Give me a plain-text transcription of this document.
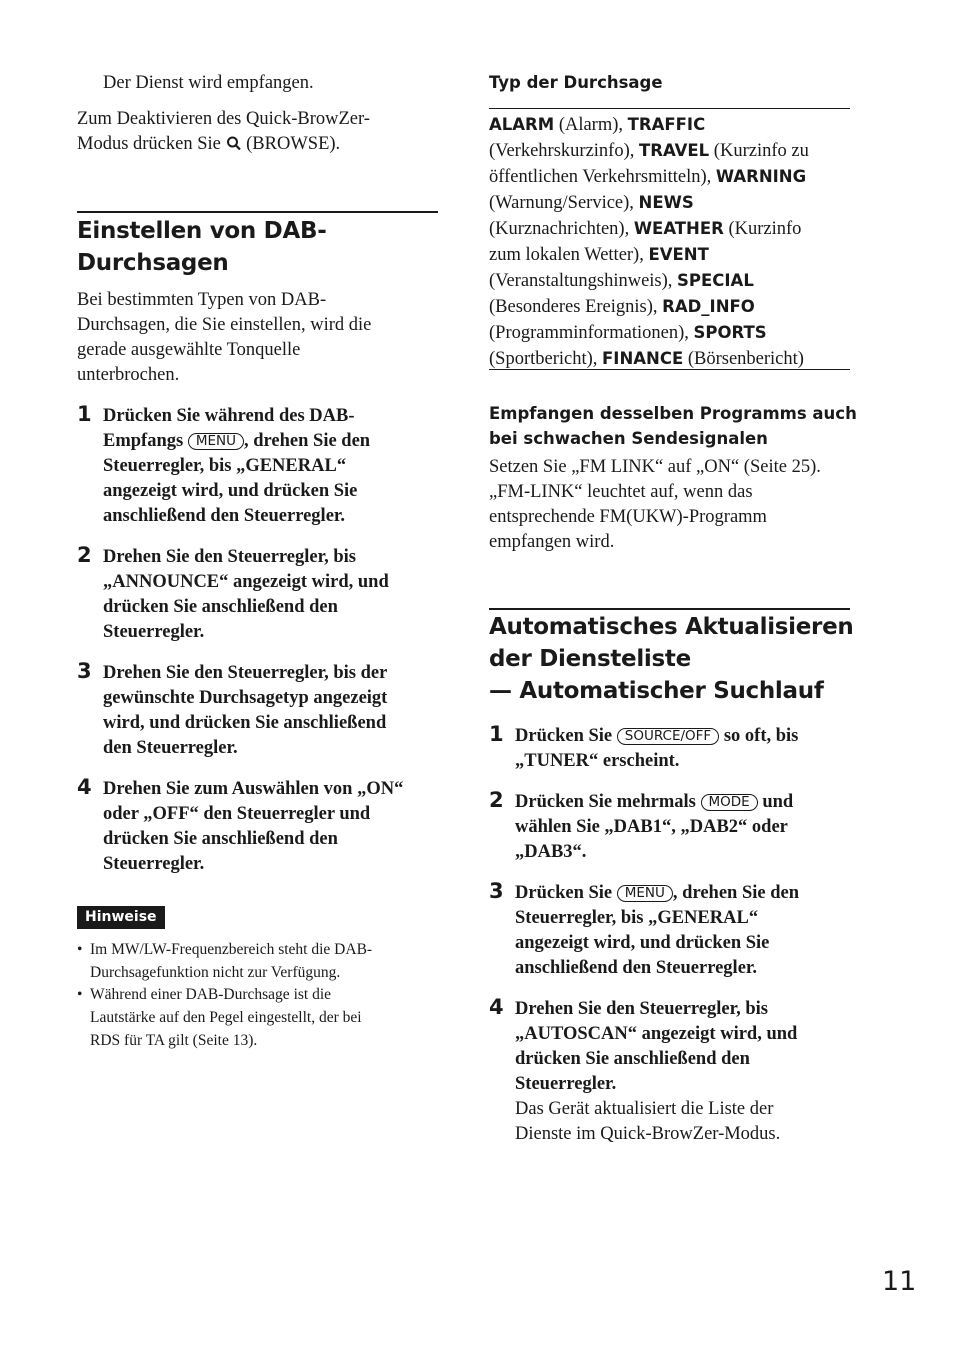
Der Dienst wird empfangen.
Zum Deaktivieren des Quick-BrowZer-
Modus drücken Sie (BROWSE).
Einstellen von DAB-
Durchsagen
Bei bestimmten Typen von DAB-
Durchsagen, die Sie einstellen, wird die
gerade ausgewählte Tonquelle
unterbrochen.
1 Drücken Sie während des DAB-
Empfangs MENU , drehen Sie den
Steuerregler, bis „GENERAL“
angezeigt wird, und drücken Sie
anschließend den Steuerregler.
2 Drehen Sie den Steuerregler, bis
„ANNOUNCE“ angezeigt wird, und
drücken Sie anschließend den
Steuerregler.
3 Drehen Sie den Steuerregler, bis der
gewünschte Durchsagetyp angezeigt
wird, und drücken Sie anschließend
den Steuerregler.
4 Drehen Sie zum Auswählen von „ON“
oder „OFF“ den Steuerregler und
drücken Sie anschließend den
Steuerregler.
Hinweise
• Im MW/LW-Frequenzbereich steht die DAB-
Durchsagefunktion nicht zur Verfügung.
• Während einer DAB-Durchsage ist die
Lautstärke auf den Pegel eingestellt, der bei
RDS für TA gilt (Seite 13).
Typ der Durchsage
ALARM (Alarm), TRAFFIC
(Verkehrskurzinfo), TRAVEL (Kurzinfo zu
öffentlichen Verkehrsmitteln), WARNING
(Warnung/Service), NEWS
(Kurznachrichten), WEATHER (Kurzinfo
zum lokalen Wetter), EVENT
(Veranstaltungshinweis), SPECIAL
(Besonderes Ereignis), RAD_INFO
(Programminformationen), SPORTS
(Sportbericht), FINANCE (Börsenbericht)
Empfangen desselben Programms auch
bei schwachen Sendesignalen
Setzen Sie „FM LINK“ auf „ON“ (Seite 25).
„FM-LINK“ leuchtet auf, wenn das
entsprechende FM(UKW)-Programm
empfangen wird.
Automatisches Aktualisieren
der Diensteliste
— Automatischer Suchlauf
1 Drücken Sie SOURCE/OFF so oft, bis
„TUNER“ erscheint.
2 Drücken Sie mehrmals MODE und
wählen Sie „DAB1“, „DAB2“ oder
„DAB3“.
3 Drücken Sie MENU , drehen Sie den
Steuerregler, bis „GENERAL“
angezeigt wird, und drücken Sie
anschließend den Steuerregler.
4 Drehen Sie den Steuerregler, bis
„AUTOSCAN“ angezeigt wird, und
drücken Sie anschließend den
Steuerregler.
Das Gerät aktualisiert die Liste der
Dienste im Quick-BrowZer-Modus.
11
